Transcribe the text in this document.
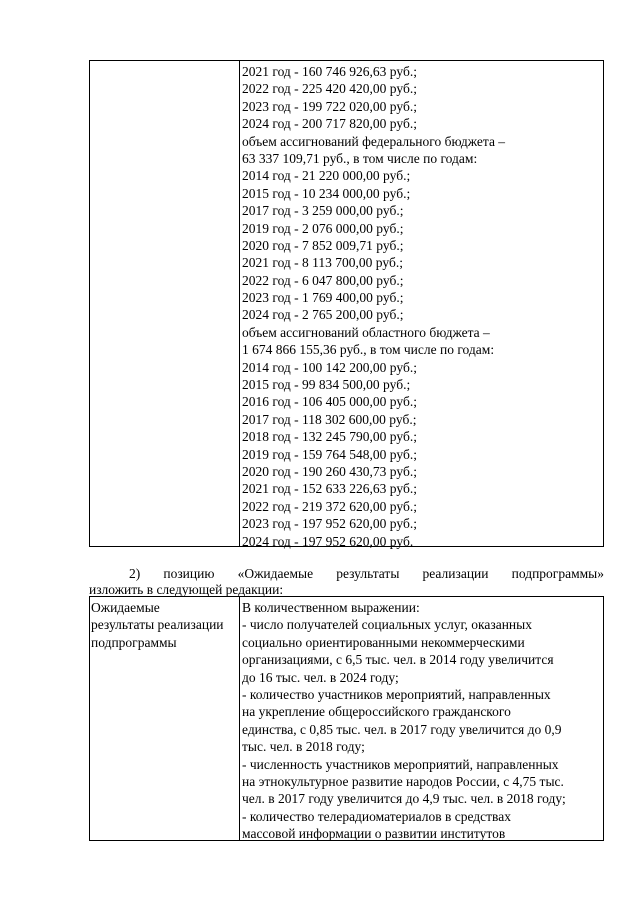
2021 год - 160 746 926,63 руб.;
2022 год - 225 420 420,00 руб.;
2023 год - 199 722 020,00 руб.;
2024 год - 200 717 820,00 руб.;
объем ассигнований федерального бюджета –
63 337 109,71 руб., в том числе по годам:
2014 год - 21 220 000,00 руб.;
2015 год - 10 234 000,00 руб.;
2017 год - 3 259 000,00 руб.;
2019 год - 2 076 000,00 руб.;
2020 год - 7 852 009,71 руб.;
2021 год - 8 113 700,00 руб.;
2022 год - 6 047 800,00 руб.;
2023 год - 1 769 400,00 руб.;
2024 год - 2 765 200,00 руб.;
объем ассигнований областного бюджета –
1 674 866 155,36 руб., в том числе по годам:
2014 год - 100 142 200,00 руб.;
2015 год - 99 834 500,00 руб.;
2016 год - 106 405 000,00 руб.;
2017 год - 118 302 600,00 руб.;
2018 год - 132 245 790,00 руб.;
2019 год - 159 764 548,00 руб.;
2020 год - 190 260 430,73 руб.;
2021 год - 152 633 226,63 руб.;
2022 год - 219 372 620,00 руб.;
2023 год - 197 952 620,00 руб.;
2024 год - 197 952 620,00 руб.
2) позицию «Ожидаемые результаты реализации подпрограммы»
изложить в следующей редакции:
Ожидаемые
результаты реализации
подпрограммы
В количественном выражении:
- число получателей социальных услуг, оказанных
социально ориентированными некоммерческими
организациями, с 6,5 тыс. чел. в 2014 году увеличится
до 16 тыс. чел. в 2024 году;
- количество участников мероприятий, направленных
на укрепление общероссийского гражданского
единства, с 0,85 тыс. чел. в 2017 году увеличится до 0,9
тыс. чел. в 2018 году;
- численность участников мероприятий, направленных
на этнокультурное развитие народов России, с 4,75 тыс.
чел. в 2017 году увеличится до 4,9 тыс. чел. в 2018 году;
- количество телерадиоматериалов в средствах
массовой информации о развитии институтов
